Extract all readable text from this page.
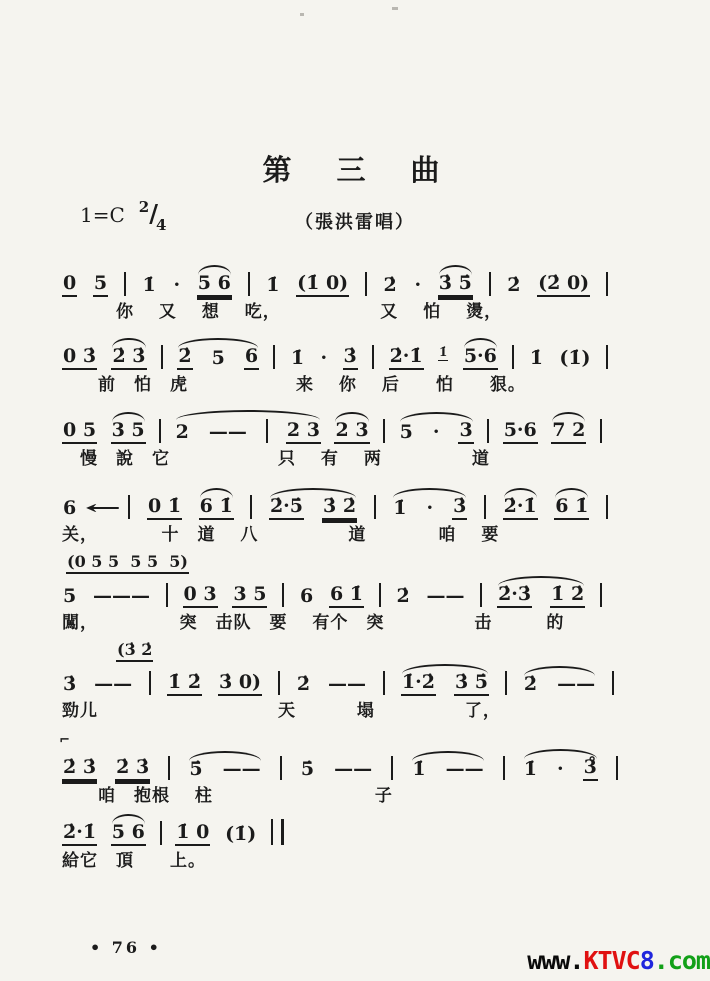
第　三　曲
1=C $^2/_4$	（張洪雷唱）
0 5 1̇ · 5 6 1̇ (1̇ 0) 2̇ · 3̇ 5̇ 2̇ (2̇ 0)
　　　你　 又　 想　 吃，　　　　　　又　 怕　 燙，
0 3̇ 2̇ 3̇ 2̇ 5 6 1̇ · 3̇ 2̇·1̇ 1̇ 5·6 1̇ (1̇)
　　前　怕　虎　　　　　　来　 你　 后　　怕　　狠。
0 5 3 5 2 —— 2 3 2 3 5 · 3 5·6 7 2
　慢　說　它　　　　　　只　 有　 两　　　　　道
6 ← 0 1̇ 6 1̇ 2̇·5̇ 3̇ 2̇ 1̇ · 3̇ 2̇·1̇ 6 1̇
关，　　　　十　道　 八　　　　　道　　　　咱　 要
(0 5 5  5 5  5)
5 ——— 0 3 3 5 6 6 1̇ 2̇ —— 2̇·3̇ 1̇ 2̇
闖，　　　　　突　击队　要　 有个　突　　　　　击　　　的
(3̇ 2̇
3̇ —— 1̇ 2̇ 3̇ 0) 2̇ —— 1̇·2̇ 3̇ 5̇ 2̇ ——
勁儿　　　　　　　　　　天　　　 塌　　　　　了，
⌐
2̇ 3̇ 2̇ 3̇ 5̇ —— 5̇ —— 1̇ —— 1̇ · 3̊
　　咱　抱根　 柱　　　　　　　　　子
2̇·1̇ 5 6 1̇ 0 (1̇)
給它　頂　　上。
• 76 •	www.KTVC8.com
